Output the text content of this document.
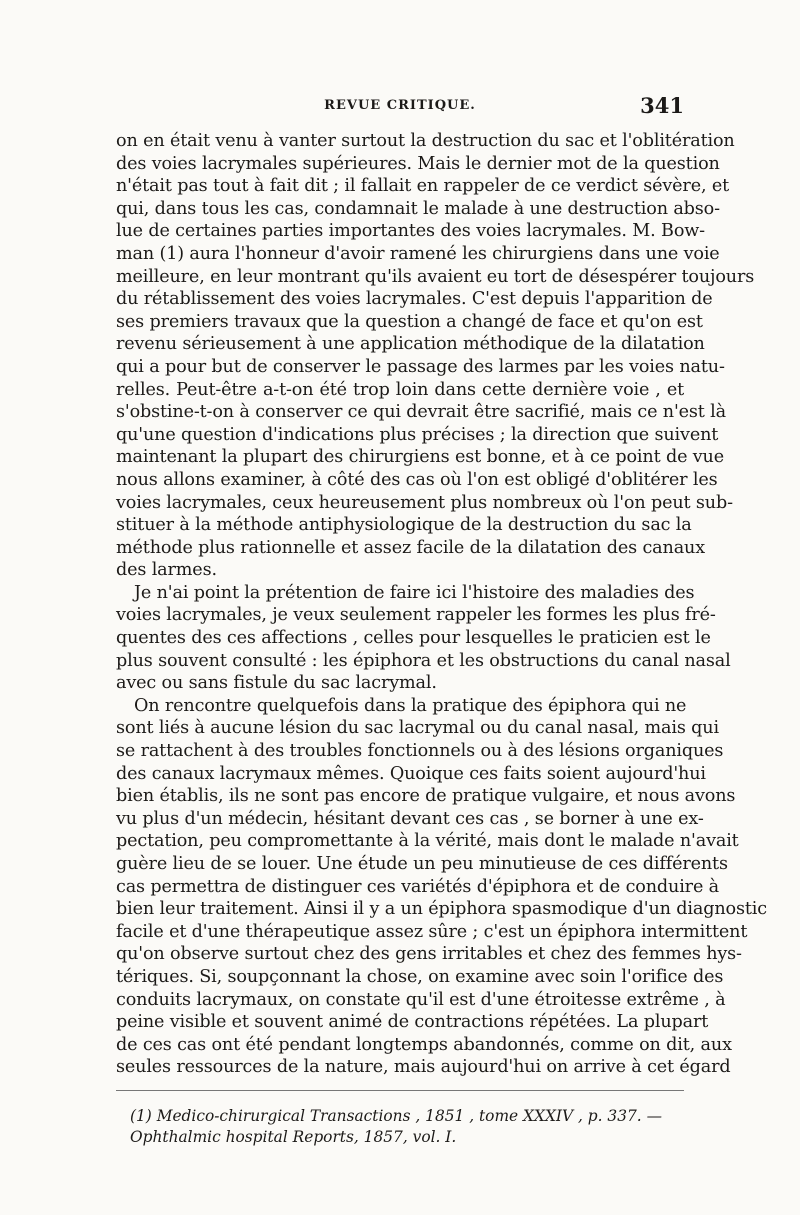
REVUE CRITIQUE.	341
on en était venu à vanter surtout la destruction du sac et l'oblitération
des voies lacrymales supérieures. Mais le dernier mot de la question
n'était pas tout à fait dit ; il fallait en rappeler de ce verdict sévère, et
qui, dans tous les cas, condamnait le malade à une destruction abso-
lue de certaines parties importantes des voies lacrymales. M. Bow-
man (1) aura l'honneur d'avoir ramené les chirurgiens dans une voie
meilleure, en leur montrant qu'ils avaient eu tort de désespérer toujours
du rétablissement des voies lacrymales. C'est depuis l'apparition de
ses premiers travaux que la question a changé de face et qu'on est
revenu sérieusement à une application méthodique de la dilatation
qui a pour but de conserver le passage des larmes par les voies natu-
relles. Peut-être a-t-on été trop loin dans cette dernière voie , et
s'obstine-t-on à conserver ce qui devrait être sacrifié, mais ce n'est là
qu'une question d'indications plus précises ; la direction que suivent
maintenant la plupart des chirurgiens est bonne, et à ce point de vue
nous allons examiner, à côté des cas où l'on est obligé d'oblitérer les
voies lacrymales, ceux heureusement plus nombreux où l'on peut sub-
stituer à la méthode antiphysiologique de la destruction du sac la
méthode plus rationnelle et assez facile de la dilatation des canaux
des larmes.
Je n'ai point la prétention de faire ici l'histoire des maladies des
voies lacrymales, je veux seulement rappeler les formes les plus fré-
quentes des ces affections , celles pour lesquelles le praticien est le
plus souvent consulté : les épiphora et les obstructions du canal nasal
avec ou sans fistule du sac lacrymal.
On rencontre quelquefois dans la pratique des épiphora qui ne
sont liés à aucune lésion du sac lacrymal ou du canal nasal, mais qui
se rattachent à des troubles fonctionnels ou à des lésions organiques
des canaux lacrymaux mêmes. Quoique ces faits soient aujourd'hui
bien établis, ils ne sont pas encore de pratique vulgaire, et nous avons
vu plus d'un médecin, hésitant devant ces cas , se borner à une ex-
pectation, peu compromettante à la vérité, mais dont le malade n'avait
guère lieu de se louer. Une étude un peu minutieuse de ces différents
cas permettra de distinguer ces variétés d'épiphora et de conduire à
bien leur traitement. Ainsi il y a un épiphora spasmodique d'un diagnostic
facile et d'une thérapeutique assez sûre ; c'est un épiphora intermittent
qu'on observe surtout chez des gens irritables et chez des femmes hys-
tériques. Si, soupçonnant la chose, on examine avec soin l'orifice des
conduits lacrymaux, on constate qu'il est d'une étroitesse extrême , à
peine visible et souvent animé de contractions répétées. La plupart
de ces cas ont été pendant longtemps abandonnés, comme on dit, aux
seules ressources de la nature, mais aujourd'hui on arrive à cet égard
(1) Medico-chirurgical Transactions , 1851 , tome XXXIV , p. 337. —
Ophthalmic hospital Reports, 1857, vol. I.
